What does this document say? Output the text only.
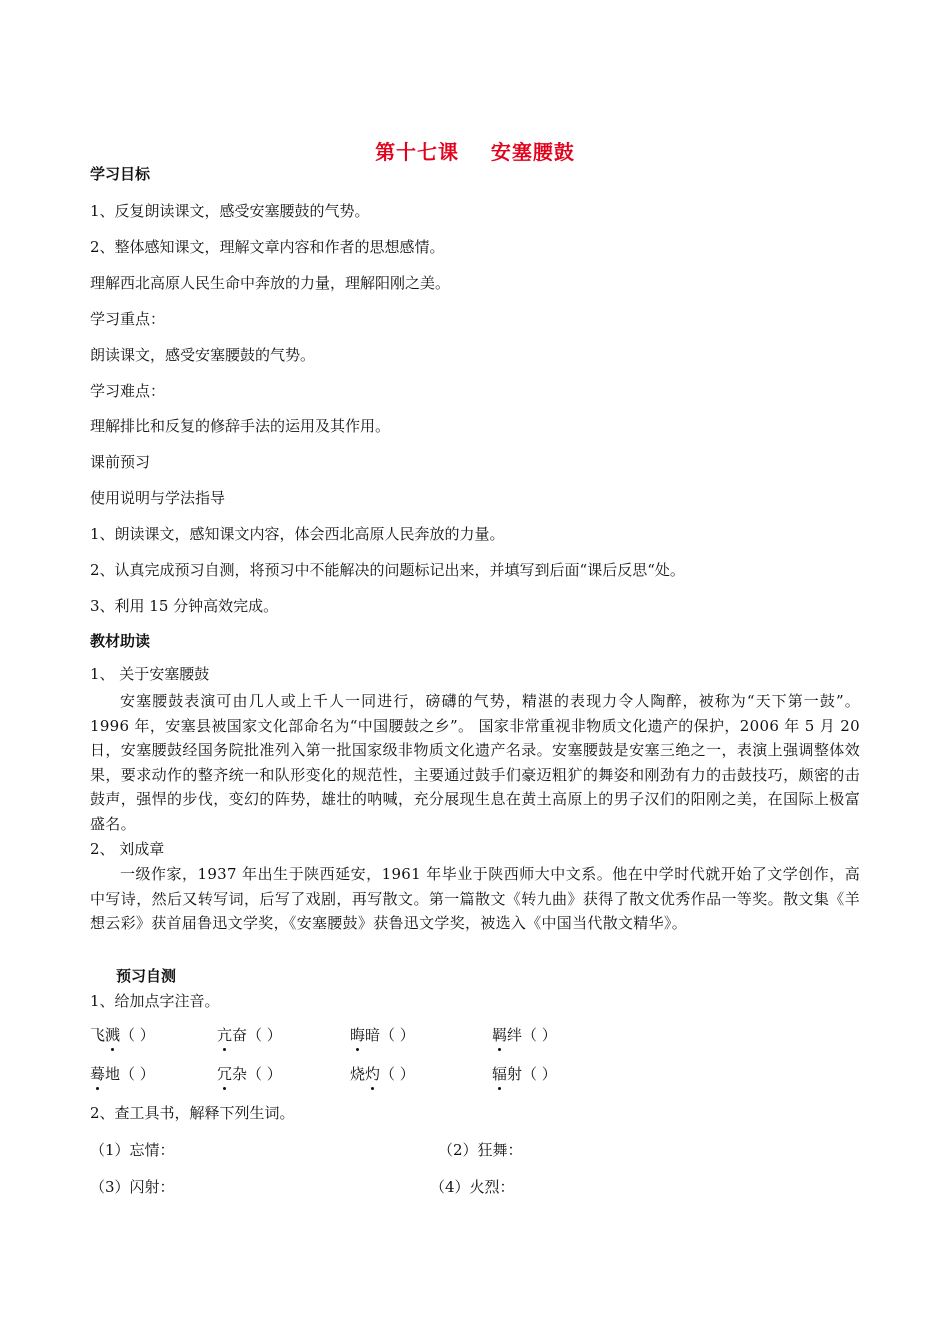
第十七课    安塞腰鼓
学习目标
1、反复朗读课文，感受安塞腰鼓的气势。
2、整体感知课文，理解文章内容和作者的思想感情。
理解西北高原人民生命中奔放的力量，理解阳刚之美。
学习重点：
朗读课文，感受安塞腰鼓的气势。
学习难点：
理解排比和反复的修辞手法的运用及其作用。
课前预习
使用说明与学法指导
1、朗读课文，感知课文内容，体会西北高原人民奔放的力量。
2、认真完成预习自测，将预习中不能解决的问题标记出来，并填写到后面“课后反思“处。
3、利用 15 分钟高效完成。
教材助读
1、 关于安塞腰鼓
安塞腰鼓表演可由几人或上千人一同进行，磅礴的气势，精湛的表现力令人陶醉，被称为“天下第一鼓”。1996 年，安塞县被国家文化部命名为“中国腰鼓之乡”。 国家非常重视非物质文化遗产的保护，2006 年 5 月 20 日，安塞腰鼓经国务院批准列入第一批国家级非物质文化遗产名录。安塞腰鼓是安塞三绝之一，表演上强调整体效果，要求动作的整齐统一和队形变化的规范性，主要通过鼓手们豪迈粗犷的舞姿和刚劲有力的击鼓技巧，颇密的击鼓声，强悍的步伐，变幻的阵势，雄壮的呐喊，充分展现生息在黄土高原上的男子汉们的阳刚之美，在国际上极富盛名。
2、 刘成章
一级作家，1937 年出生于陕西延安，1961 年毕业于陕西师大中文系。他在中学时代就开始了文学创作，高中写诗，然后又转写词，后写了戏剧，再写散文。第一篇散文《转九曲》获得了散文优秀作品一等奖。散文集《羊想云彩》获首届鲁迅文学奖，《安塞腰鼓》获鲁迅文学奖，被选入《中国当代散文精华》。
预习自测
1、给加点字注音。
飞溅（ ）	亢奋（ ）	晦暗（ ）	羁绊（ ）
蓦地（ ）	冗杂（ ）	烧灼（ ）	辐射（ ）
2、查工具书，解释下列生词。
（1）忘情：	（2）狂舞：
（3）闪射：	（4）火烈：
